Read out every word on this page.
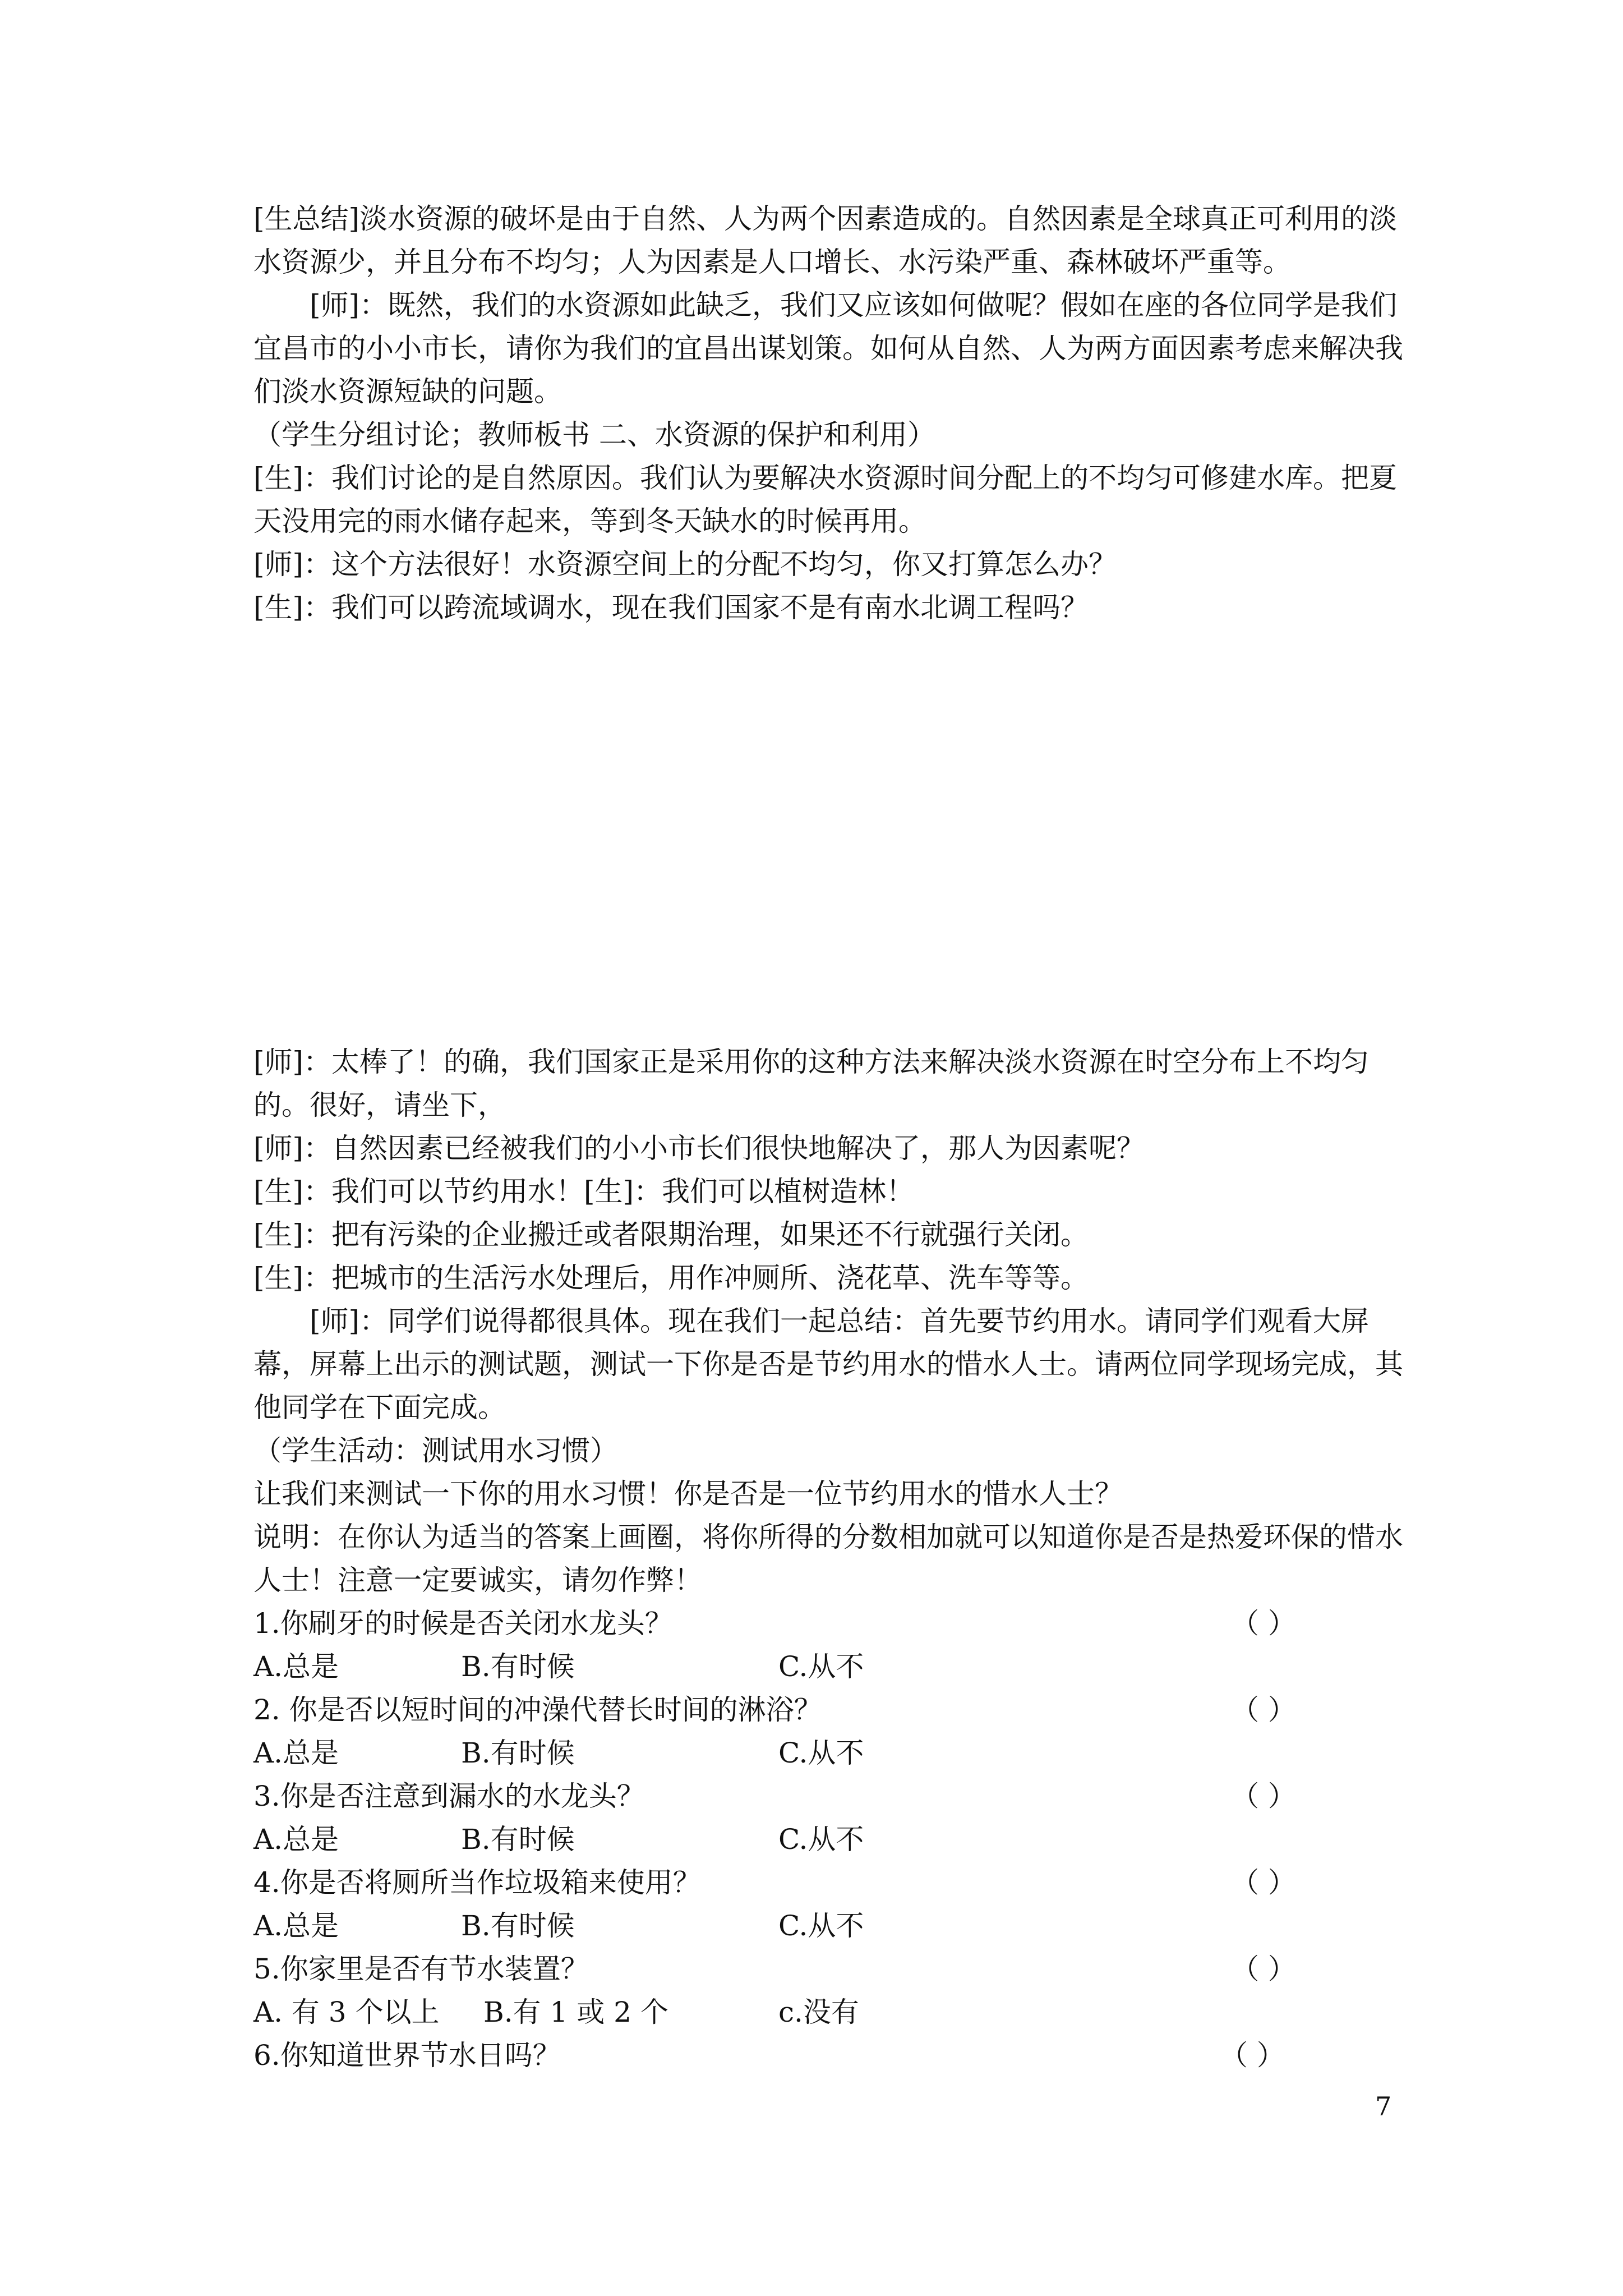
[生总结]淡水资源的破坏是由于自然、人为两个因素造成的。自然因素是全球真正可利用的淡水资源少，并且分布不均匀；人为因素是人口增长、水污染严重、森林破坏严重等。

[师]：既然，我们的水资源如此缺乏，我们又应该如何做呢？假如在座的各位同学是我们宜昌市的小小市长，请你为我们的宜昌出谋划策。如何从自然、人为两方面因素考虑来解决我们淡水资源短缺的问题。

（学生分组讨论；教师板书 二、水资源的保护和利用）

[生]：我们讨论的是自然原因。我们认为要解决水资源时间分配上的不均匀可修建水库。把夏天没用完的雨水储存起来，等到冬天缺水的时候再用。

[师]：这个方法很好！水资源空间上的分配不均匀，你又打算怎么办？

[生]：我们可以跨流域调水，现在我们国家不是有南水北调工程吗？

[师]：太棒了！的确，我们国家正是采用你的这种方法来解决淡水资源在时空分布上不均匀的。很好，请坐下，

[师]：自然因素已经被我们的小小市长们很快地解决了，那人为因素呢？

[生]：我们可以节约用水！[生]：我们可以植树造林！

[生]：把有污染的企业搬迁或者限期治理，如果还不行就强行关闭。

[生]：把城市的生活污水处理后，用作冲厕所、浇花草、洗车等等。

[师]：同学们说得都很具体。现在我们一起总结：首先要节约用水。请同学们观看大屏幕，屏幕上出示的测试题，测试一下你是否是节约用水的惜水人士。请两位同学现场完成，其他同学在下面完成。

（学生活动：测试用水习惯）

让我们来测试一下你的用水习惯！你是否是一位节约用水的惜水人士？

说明：在你认为适当的答案上画圈，将你所得的分数相加就可以知道你是否是热爱环保的惜水人士！注意一定要诚实，请勿作弊！

1.你刷牙的时候是否关闭水龙头？	（ ）
A.总是	B.有时候	C.从不
2. 你是否以短时间的冲澡代替长时间的淋浴？	（ ）
A.总是	B.有时候	C.从不
3.你是否注意到漏水的水龙头？	（ ）
A.总是	B.有时候	C.从不
4.你是否将厕所当作垃圾箱来使用？	（ ）
A.总是	B.有时候	C.从不
5.你家里是否有节水装置？	（ ）
A. 有 3 个以上 B.有 1 或 2 个	c.没有
6.你知道世界节水日吗？	（ ）
7
